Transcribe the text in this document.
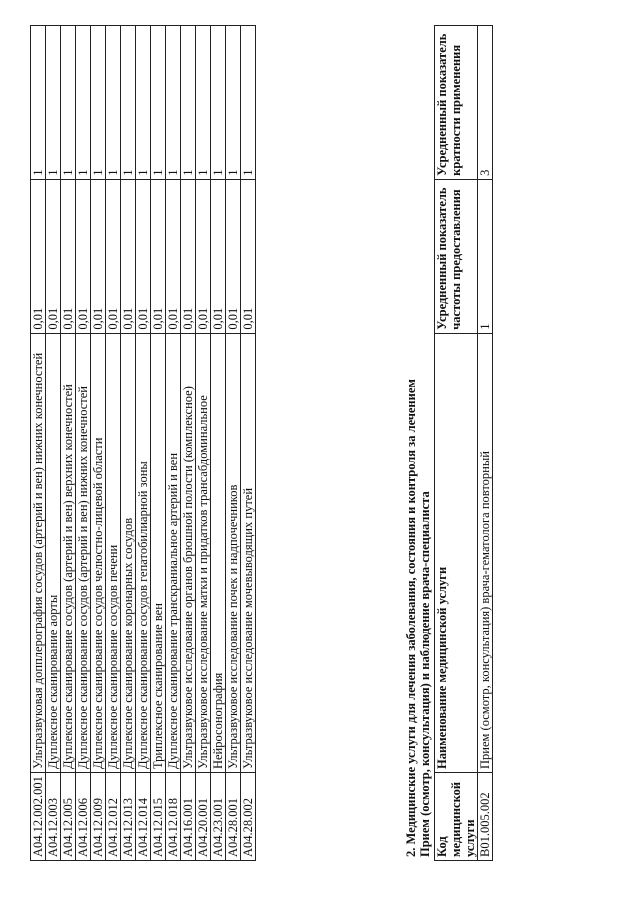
A04.12.002.001	Ультразвуковая допплерография сосудов (артерий и вен) нижних конечностей	0,01	1
A04.12.003	Дуплексное сканирование аорты	0,01	1
A04.12.005	Дуплексное сканирование сосудов (артерий и вен) верхних конечностей	0,01	1
A04.12.006	Дуплексное сканирование сосудов (артерий и вен) нижних конечностей	0,01	1
A04.12.009	Дуплексное сканирование сосудов челюстно-лицевой области	0,01	1
A04.12.012	Дуплексное сканирование сосудов печени	0,01	1
A04.12.013	Дуплексное сканирование коронарных сосудов	0,01	1
A04.12.014	Дуплексное сканирование сосудов гепатобилиарной зоны	0,01	1
A04.12.015	Триплексное сканирование вен	0,01	1
A04.12.018	Дуплексное сканирование транскраниальное артерий и вен	0,01	1
A04.16.001	Ультразвуковое исследование органов брюшной полости (комплексное)	0,01	1
A04.20.001	Ультразвуковое исследование матки и придатков трансабдоминальное	0,01	1
A04.23.001	Нейросонография	0,01	1
A04.28.001	Ультразвуковое исследование почек и надпочечников	0,01	1
A04.28.002	Ультразвуковое исследование мочевыводящих путей	0,01	1
2. Медицинские услуги для лечения заболевания, состояния и контроля за лечением Прием (осмотр, консультация) и наблюдение врача-специалиста Код медицинской услуги	Наименование медицинской услуги	Усредненный показатель частоты предоставления	Усредненный показатель кратности применения
B01.005.002	Прием (осмотр, консультация) врача-гематолога повторный	1	3
